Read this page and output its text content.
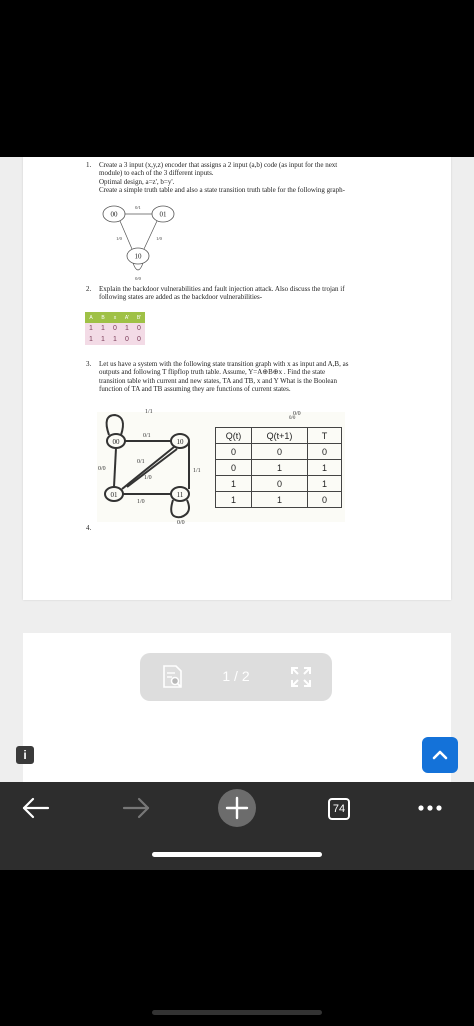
1. Create a 3 input (x,y,z) encoder that assigns a 2 input (a,b) code (as input for the next
module) to each of the 3 different inputs.
Optimal design, a=z', b=y'.
Create a simple truth table and also a state transition truth table for the following graph-
00	01
10
0/1
1/0	1/0
0/0
2. Explain the backdoor vulnerabilities and fault injection attack. Also discuss the trojan if
following states are added as the backdoor vulnerabilities-
A	B	x	A'	B'
1	1	0	1	0
1	1	1	0	0
3. Let us have a system with the following state transition graph with x as input and A,B, as
outputs and following T flipflop truth table. Assume, Y=A⊕B⊕x . Find the state
transition table with current and new states, TA and TB, x and Y What is the Boolean
function of TA and TB assuming they are functions of current states.
00	10
01	11
1/1
0/1
0/1
0/0
1/0
1/1
1/0
0/0
0/0
0/0
Q(t)	Q(t+1)	T
0	0	0
0	1	1
1	0	1
1	1	0
4.
1 / 2
i
74
